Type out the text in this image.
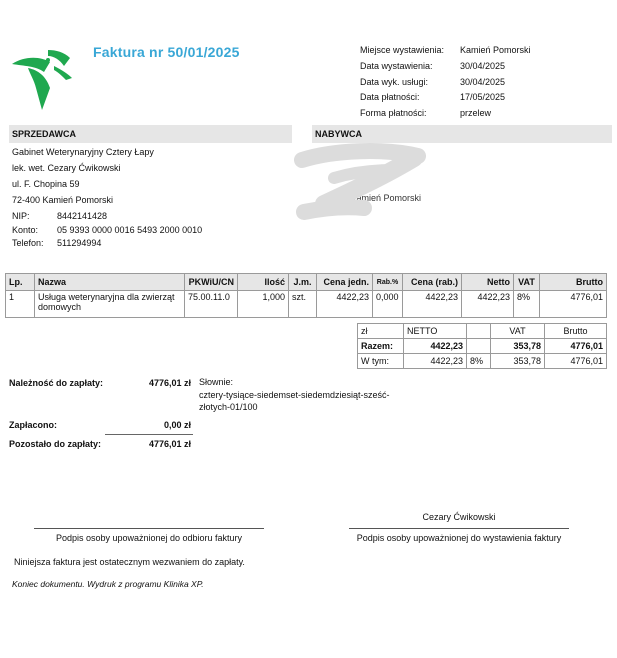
Faktura nr 50/01/2025	Miejsce wystawienia:	Kamień Pomorski
Data wystawienia:	30/04/2025
Data wyk. usługi:	30/04/2025
Data płatności:	17/05/2025
Forma płatności:	przelew
SPRZEDAWCA	NABYWCA
Gabinet Weterynaryjny Cztery Łapy
lek. wet. Cezary Ćwikowski
ul. F. Chopina 59
72-400 Kamień Pomorski
NIP:	8442141428
Konto:	05 9393 0000 0016 5493 2000 0010
Telefon:	511294994
00 Kamień Pomorski
Lp.	Nazwa	PKWiU/CN	Ilość	J.m.	Cena jedn.	Rab.%	Cena (rab.)	Netto	VAT	Brutto
1	Usługa weterynaryjna dla zwierząt domowych	75.00.11.0	1,000	szt.	4422,23	0,000	4422,23	4422,23	8%	4776,01
zł	NETTO		VAT	Brutto
Razem:	4422,23		353,78	4776,01
W tym:	4422,23	8%	353,78	4776,01
Należność do zapłaty:	4776,01 zł Słownie:
cztery-tysiące-siedemset-siedemdziesiąt-sześć-złotych-01/100
Zapłacono:	0,00 zł
Pozostało do zapłaty:	4776,01 zł
Cezary Ćwikowski
Podpis osoby upoważnionej do odbioru faktury	Podpis osoby upoważnionej do wystawienia faktury
Niniejsza faktura jest ostatecznym wezwaniem do zapłaty.
Koniec dokumentu. Wydruk z programu Klinika XP.
